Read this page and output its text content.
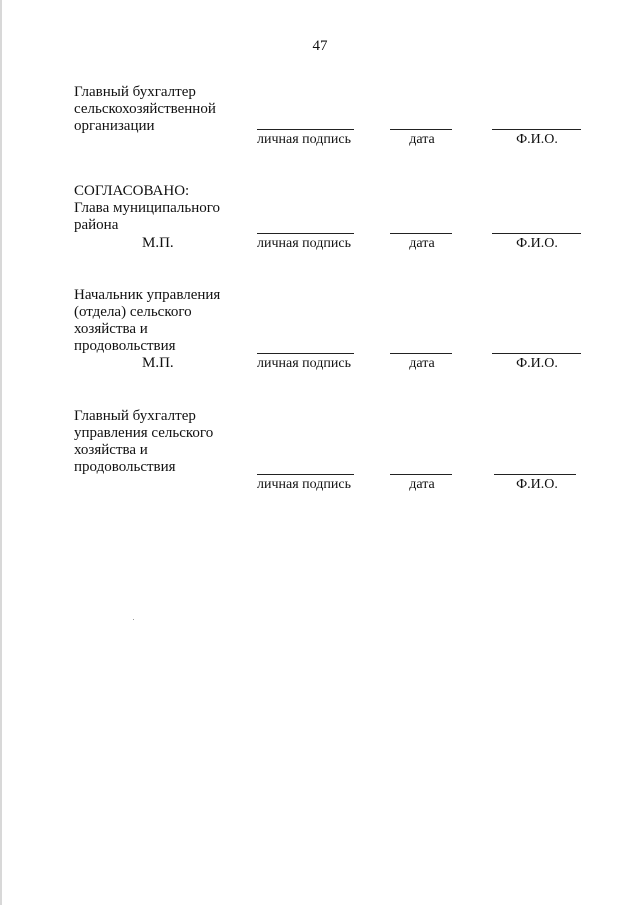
47
Главный бухгалтер
сельскохозяйственной
организации
личная подпись	дата	Ф.И.О.
СОГЛАСОВАНО:
Глава муниципального
района
М.П.	личная подпись	дата	Ф.И.О.
Начальник управления
(отдела) сельского
хозяйства и
продовольствия
М.П.	личная подпись	дата	Ф.И.О.
Главный бухгалтер
управления сельского
хозяйства и
продовольствия
личная подпись	дата	Ф.И.О.
